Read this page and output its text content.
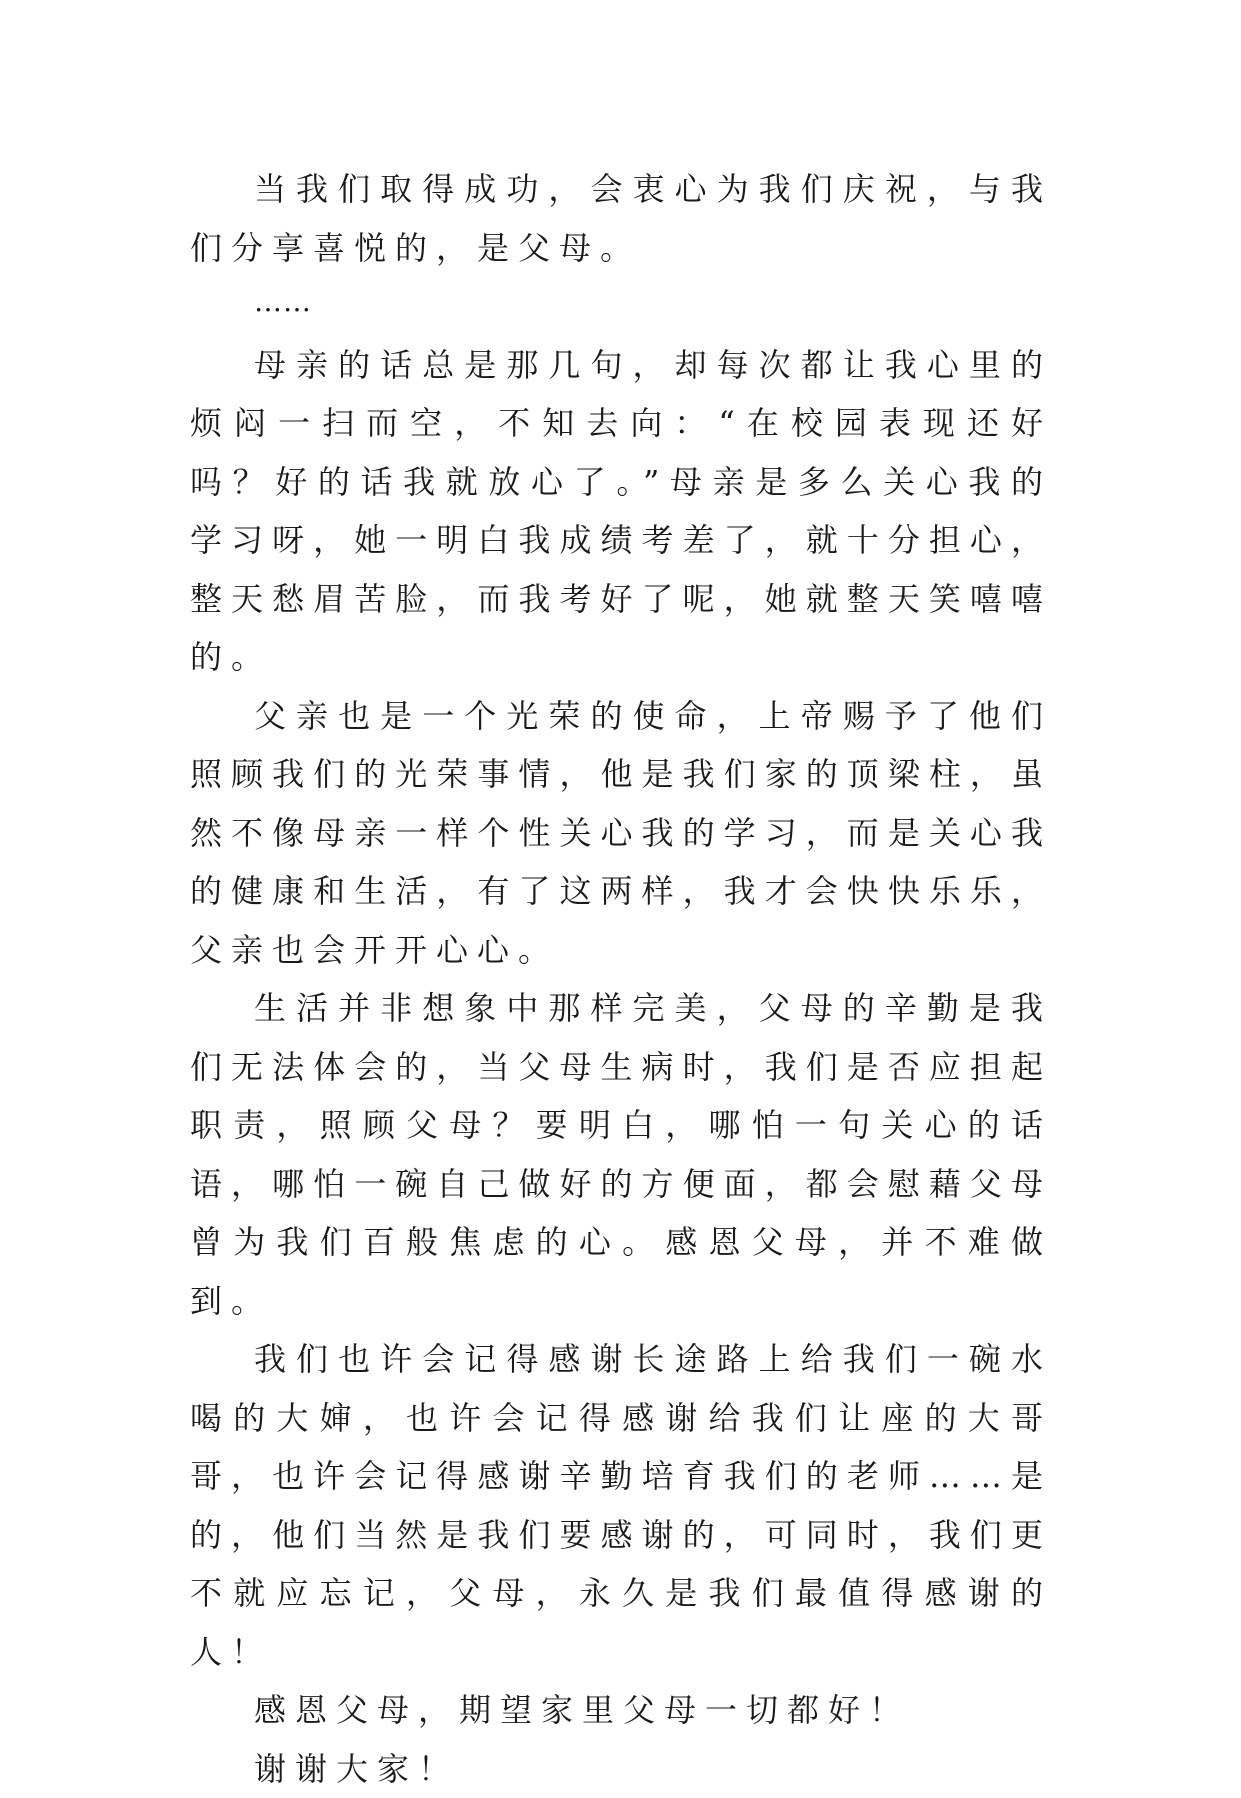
当我们取得成功，会衷心为我们庆祝，与我们分享喜悦的，是父母。

……

母亲的话总是那几句，却每次都让我心里的烦闷一扫而空，不知去向：“在校园表现还好吗？好的话我就放心了。”母亲是多么关心我的学习呀，她一明白我成绩考差了，就十分担心，整天愁眉苦脸，而我考好了呢，她就整天笑嘻嘻的。

父亲也是一个光荣的使命，上帝赐予了他们照顾我们的光荣事情，他是我们家的顶梁柱，虽然不像母亲一样个性关心我的学习，而是关心我的健康和生活，有了这两样，我才会快快乐乐，父亲也会开开心心。

生活并非想象中那样完美，父母的辛勤是我们无法体会的，当父母生病时，我们是否应担起职责，照顾父母？要明白，哪怕一句关心的话语，哪怕一碗自己做好的方便面，都会慰藉父母曾为我们百般焦虑的心。感恩父母，并不难做到。

我们也许会记得感谢长途路上给我们一碗水喝的大婶，也许会记得感谢给我们让座的大哥哥，也许会记得感谢辛勤培育我们的老师……是的，他们当然是我们要感谢的，可同时，我们更不就应忘记，父母，永久是我们最值得感谢的人！

感恩父母，期望家里父母一切都好！

谢谢大家！
